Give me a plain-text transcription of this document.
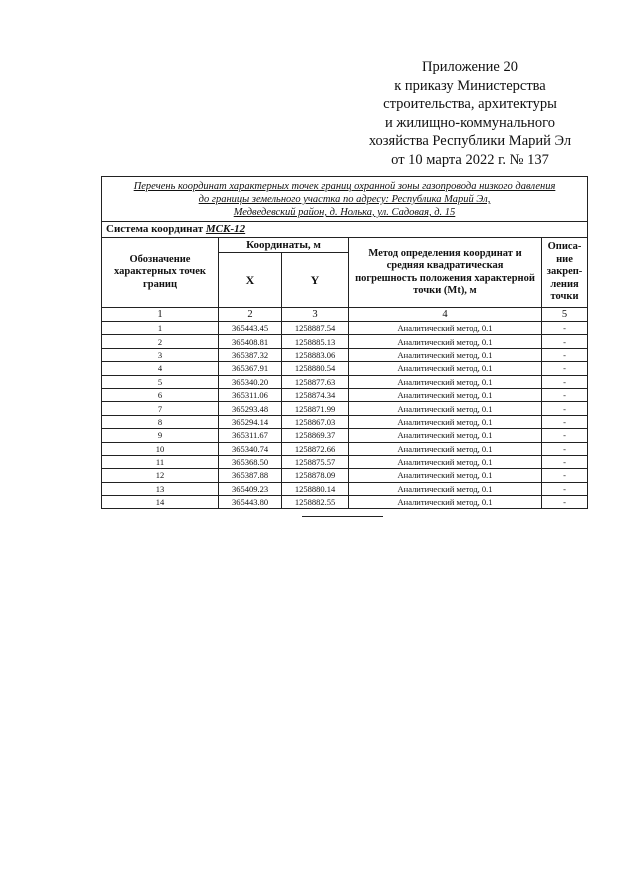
Приложение 20
к приказу Министерства
строительства, архитектуры
и жилищно-коммунального
хозяйства Республики Марий Эл
от 10 марта 2022 г. № 137
Перечень координат характерных точек границ охранной зоны газопровода низкого давления
до границы земельного участка по адресу: Республика Марий Эл,
Медведевский район, д. Нолька, ул. Садовая, д. 15				

Система координат МСК-12				
Обозначение характерных точек границ	Координаты, м		Метод определения координат и средняя квадратическая погрешность положения характерной точки (Mt), м	Описа-ние закреп-ления точки
	X	Y		
1	2	3	4	5
1	365443.45	1258887.54	Аналитический метод, 0.1	-
2	365408.81	1258885.13	Аналитический метод, 0.1	-
3	365387.32	1258883.06	Аналитический метод, 0.1	-
4	365367.91	1258880.54	Аналитический метод, 0.1	-
5	365340.20	1258877.63	Аналитический метод, 0.1	-
6	365311.06	1258874.34	Аналитический метод, 0.1	-
7	365293.48	1258871.99	Аналитический метод, 0.1	-
8	365294.14	1258867.03	Аналитический метод, 0.1	-
9	365311.67	1258869.37	Аналитический метод, 0.1	-
10	365340.74	1258872.66	Аналитический метод, 0.1	-
11	365368.50	1258875.57	Аналитический метод, 0.1	-
12	365387.88	1258878.09	Аналитический метод, 0.1	-
13	365409.23	1258880.14	Аналитический метод, 0.1	-
14	365443.80	1258882.55	Аналитический метод, 0.1	-
